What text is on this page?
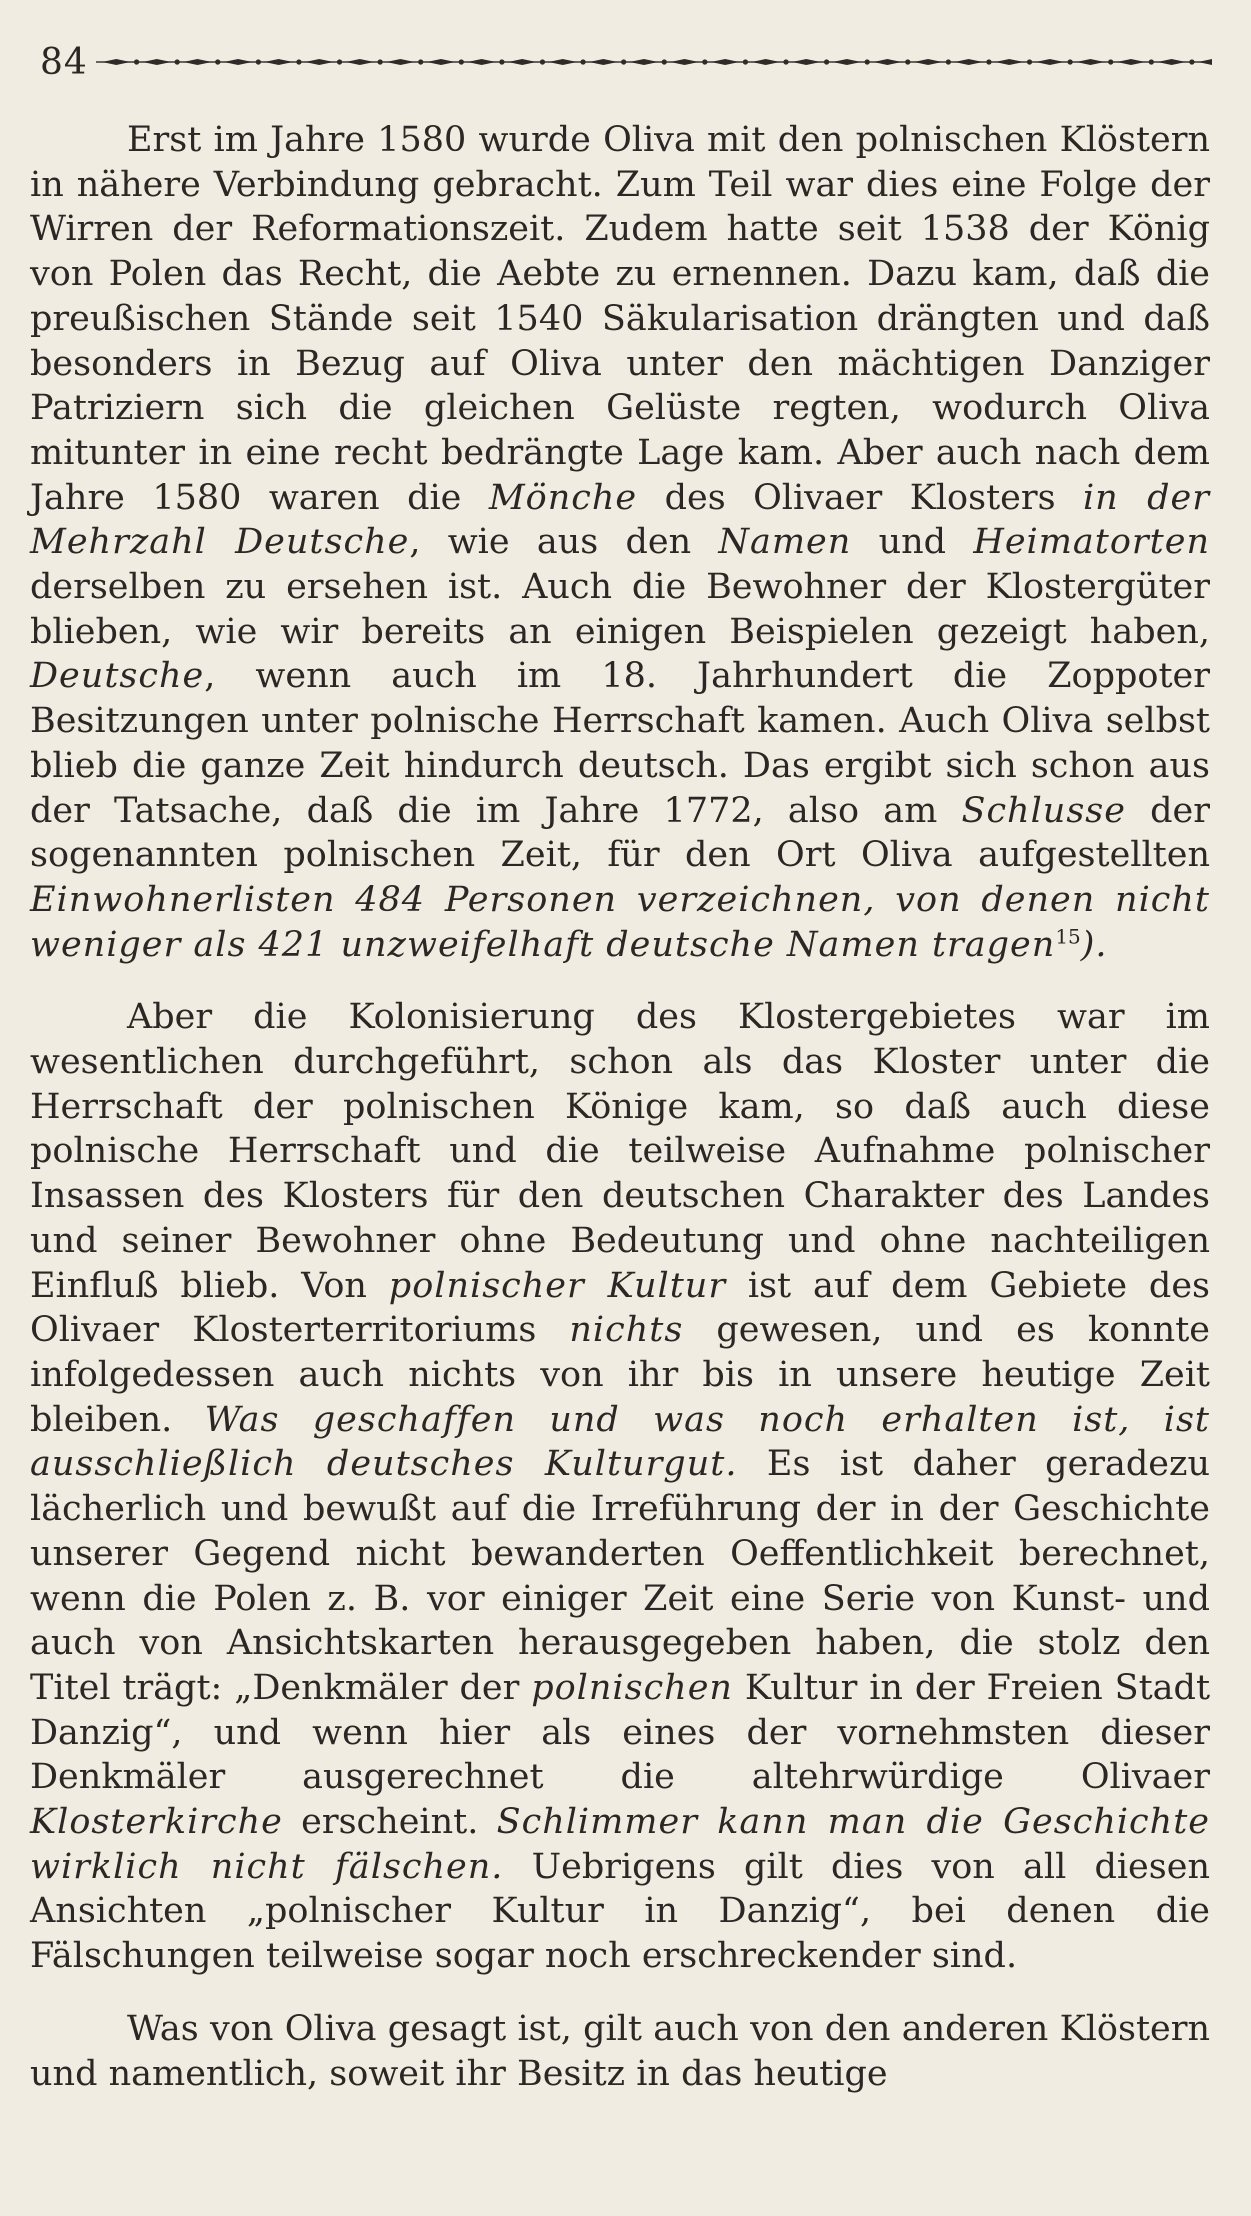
84

Erst im Jahre 1580 wurde Oliva mit den polnischen Klöstern in nähere Verbindung gebracht. Zum Teil war dies eine Folge der Wirren der Reformationszeit. Zudem hatte seit 1538 der König von Polen das Recht, die Aebte zu ernennen. Dazu kam, daß die preußischen Stände seit 1540 Säkularisation drängten und daß besonders in Bezug auf Oliva unter den mächtigen Danziger Patriziern sich die gleichen Gelüste regten, wodurch Oliva mitunter in eine recht bedrängte Lage kam. Aber auch nach dem Jahre 1580 waren die Mönche des Olivaer Klosters in der Mehrzahl Deutsche, wie aus den Namen und Heimatorten derselben zu ersehen ist. Auch die Bewohner der Klostergüter blieben, wie wir bereits an einigen Beispielen gezeigt haben, Deutsche, wenn auch im 18. Jahrhundert die Zoppoter Besitzungen unter polnische Herrschaft kamen. Auch Oliva selbst blieb die ganze Zeit hindurch deutsch. Das ergibt sich schon aus der Tatsache, daß die im Jahre 1772, also am Schlusse der sogenannten polnischen Zeit, für den Ort Oliva aufgestellten Einwohnerlisten 484 Personen verzeichnen, von denen nicht weniger als 421 unzweifelhaft deutsche Namen tragen$^{15}$).

Aber die Kolonisierung des Klostergebietes war im wesentlichen durchgeführt, schon als das Kloster unter die Herrschaft der polnischen Könige kam, so daß auch diese polnische Herrschaft und die teilweise Aufnahme polnischer Insassen des Klosters für den deutschen Charakter des Landes und seiner Bewohner ohne Bedeutung und ohne nachteiligen Einfluß blieb. Von polnischer Kultur ist auf dem Gebiete des Olivaer Klosterterritoriums nichts gewesen, und es konnte infolgedessen auch nichts von ihr bis in unsere heutige Zeit bleiben. Was geschaffen und was noch erhalten ist, ist ausschließlich deutsches Kulturgut. Es ist daher geradezu lächerlich und bewußt auf die Irreführung der in der Geschichte unserer Gegend nicht bewanderten Oeffentlichkeit berechnet, wenn die Polen z. B. vor einiger Zeit eine Serie von Kunst- und auch von Ansichtskarten herausgegeben haben, die stolz den Titel trägt: „Denkmäler der polnischen Kultur in der Freien Stadt Danzig“, und wenn hier als eines der vornehmsten dieser Denkmäler ausgerechnet die altehrwürdige Olivaer Klosterkirche erscheint. Schlimmer kann man die Geschichte wirklich nicht fälschen. Uebrigens gilt dies von all diesen Ansichten „polnischer Kultur in Danzig“, bei denen die Fälschungen teilweise sogar noch erschreckender sind.

Was von Oliva gesagt ist, gilt auch von den anderen Klöstern und namentlich, soweit ihr Besitz in das heutige
